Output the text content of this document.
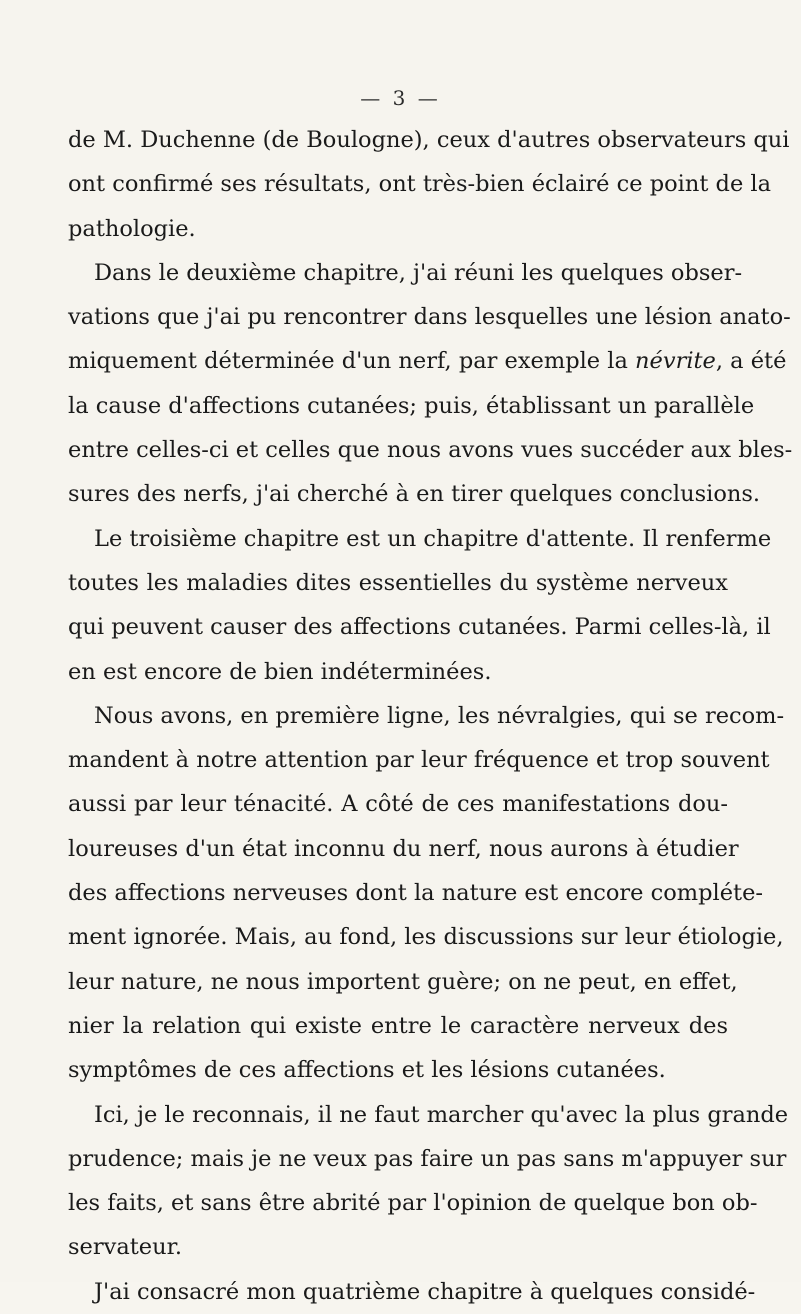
— 3 —
de M. Duchenne (de Boulogne), ceux d'autres observateurs qui
ont confirmé ses résultats, ont très-bien éclairé ce point de la
pathologie.
Dans le deuxième chapitre, j'ai réuni les quelques obser-
vations que j'ai pu rencontrer dans lesquelles une lésion anato-
miquement déterminée d'un nerf, par exemple la névrite, a été
la cause d'affections cutanées; puis, établissant un parallèle
entre celles-ci et celles que nous avons vues succéder aux bles-
sures des nerfs, j'ai cherché à en tirer quelques conclusions.
Le troisième chapitre est un chapitre d'attente. Il renferme
toutes les maladies dites essentielles du système nerveux
qui peuvent causer des affections cutanées. Parmi celles-là, il
en est encore de bien indéterminées.
Nous avons, en première ligne, les névralgies, qui se recom-
mandent à notre attention par leur fréquence et trop souvent
aussi par leur ténacité. A côté de ces manifestations dou-
loureuses d'un état inconnu du nerf, nous aurons à étudier
des affections nerveuses dont la nature est encore compléte-
ment ignorée. Mais, au fond, les discussions sur leur étiologie,
leur nature, ne nous importent guère; on ne peut, en effet,
nier la relation qui existe entre le caractère nerveux des
symptômes de ces affections et les lésions cutanées.
Ici, je le reconnais, il ne faut marcher qu'avec la plus grande
prudence; mais je ne veux pas faire un pas sans m'appuyer sur
les faits, et sans être abrité par l'opinion de quelque bon ob-
servateur.
J'ai consacré mon quatrième chapitre à quelques considé-
